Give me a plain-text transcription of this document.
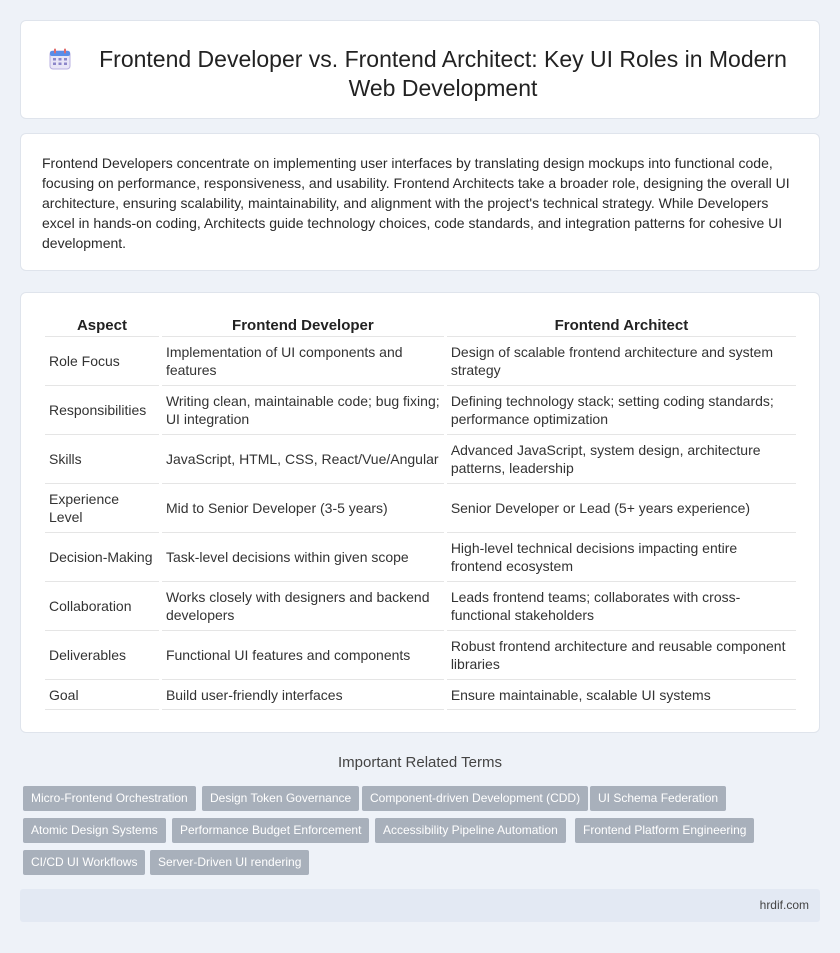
Frontend Developer vs. Frontend Architect: Key UI Roles in Modern Web Development

Frontend Developers concentrate on implementing user interfaces by translating design mockups into functional code, focusing on performance, responsiveness, and usability. Frontend Architects take a broader role, designing the overall UI architecture, ensuring scalability, maintainability, and alignment with the project's technical strategy. While Developers excel in hands-on coding, Architects guide technology choices, code standards, and integration patterns for cohesive UI development.

Aspect	Frontend Developer	Frontend Architect
Role Focus	Implementation of UI components and features	Design of scalable frontend architecture and system strategy
Responsibilities	Writing clean, maintainable code; bug fixing; UI integration	Defining technology stack; setting coding standards; performance optimization
Skills	JavaScript, HTML, CSS, React/Vue/Angular	Advanced JavaScript, system design, architecture patterns, leadership
Experience Level	Mid to Senior Developer (3-5 years)	Senior Developer or Lead (5+ years experience)
Decision-Making	Task-level decisions within given scope	High-level technical decisions impacting entire frontend ecosystem
Collaboration	Works closely with designers and backend developers	Leads frontend teams; collaborates with cross-functional stakeholders
Deliverables	Functional UI features and components	Robust frontend architecture and reusable component libraries
Goal	Build user-friendly interfaces	Ensure maintainable, scalable UI systems
Important Related Terms
Micro-Frontend Orchestration	Design Token Governance	Component-driven Development (CDD)	UI Schema Federation
Atomic Design Systems	Performance Budget Enforcement	Accessibility Pipeline Automation	Frontend Platform Engineering
CI/CD UI Workflows	Server-Driven UI rendering
hrdif.com
